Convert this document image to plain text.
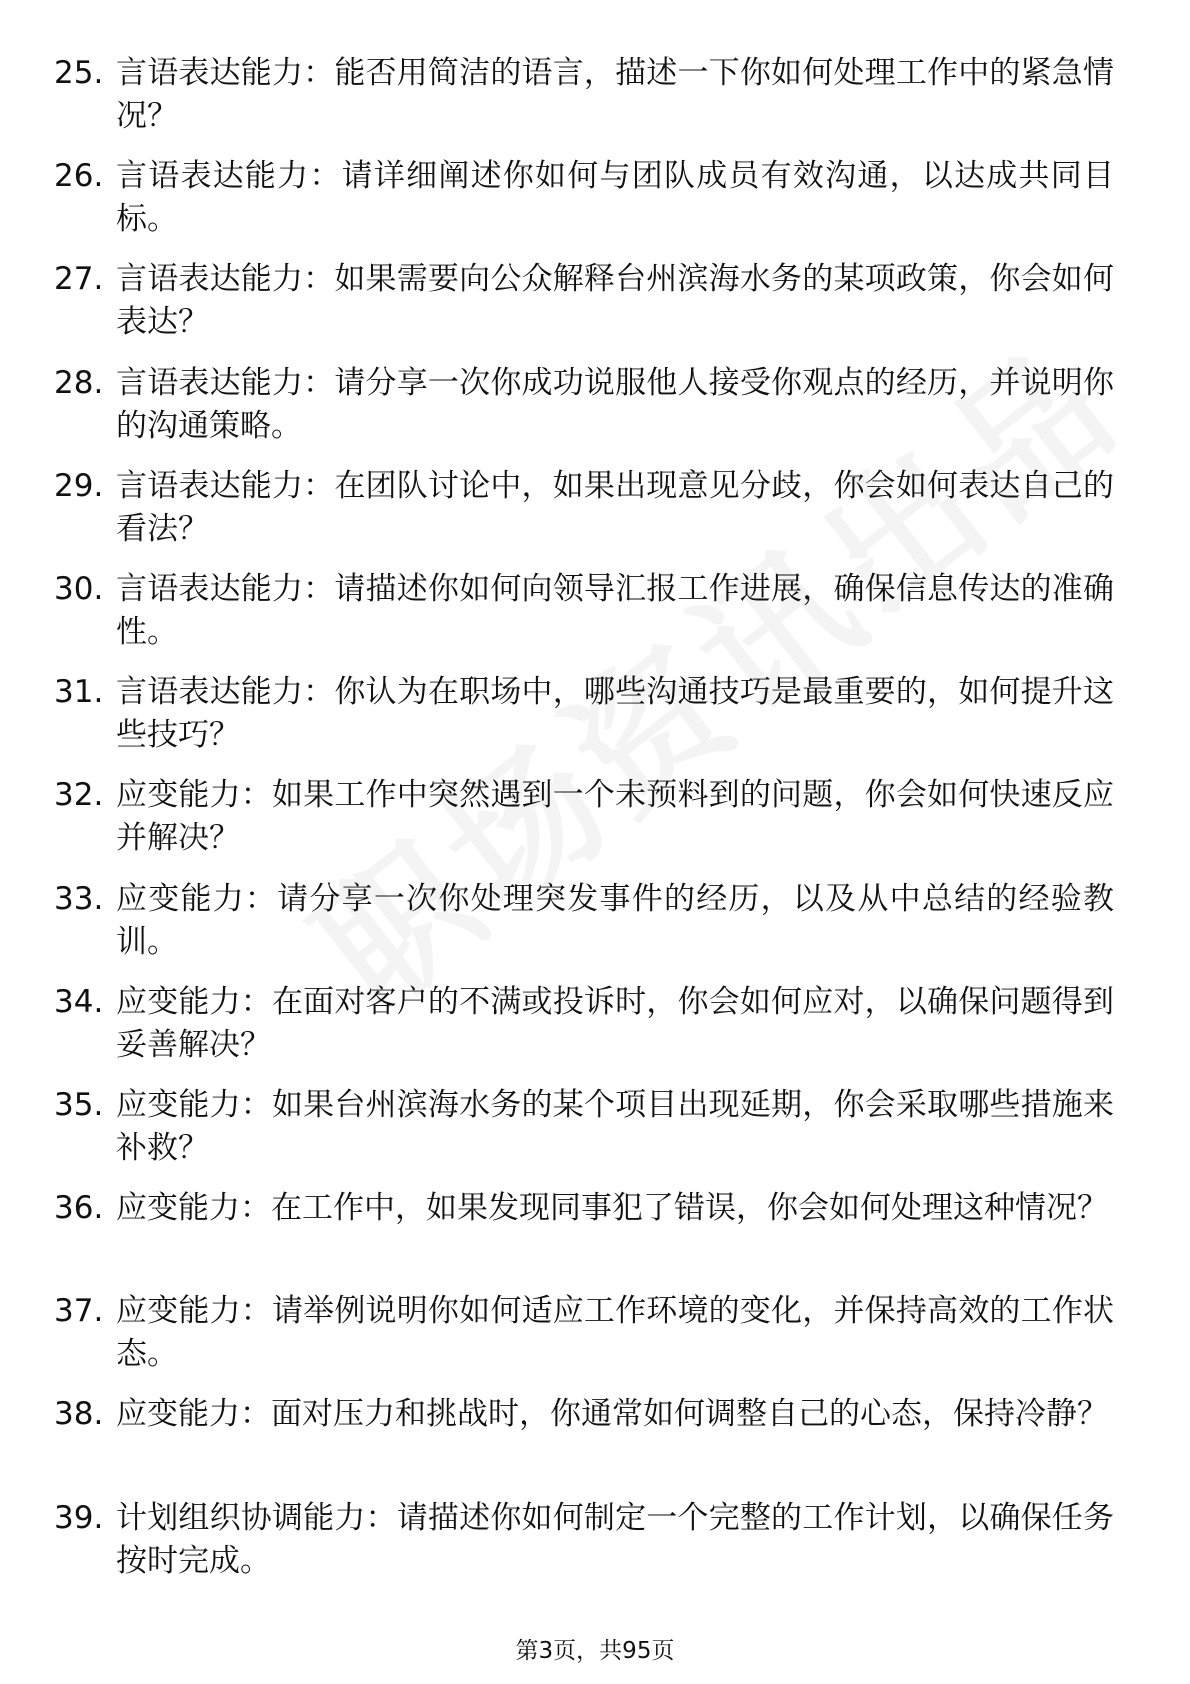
25. 言语表达能力：能否用简洁的语言，描述一下你如何处理工作中的紧急情况？
26. 言语表达能力：请详细阐述你如何与团队成员有效沟通，以达成共同目标。
27. 言语表达能力：如果需要向公众解释台州滨海水务的某项政策，你会如何表达？
28. 言语表达能力：请分享一次你成功说服他人接受你观点的经历，并说明你的沟通策略。
29. 言语表达能力：在团队讨论中，如果出现意见分歧，你会如何表达自己的看法？
30. 言语表达能力：请描述你如何向领导汇报工作进展，确保信息传达的准确性。
31. 言语表达能力：你认为在职场中，哪些沟通技巧是最重要的，如何提升这些技巧？
32. 应变能力：如果工作中突然遇到一个未预料到的问题，你会如何快速反应并解决？
33. 应变能力：请分享一次你处理突发事件的经历，以及从中总结的经验教训。
34. 应变能力：在面对客户的不满或投诉时，你会如何应对，以确保问题得到妥善解决？
35. 应变能力：如果台州滨海水务的某个项目出现延期，你会采取哪些措施来补救？
36. 应变能力：在工作中，如果发现同事犯了错误，你会如何处理这种情况？
37. 应变能力：请举例说明你如何适应工作环境的变化，并保持高效的工作状态。
38. 应变能力：面对压力和挑战时，你通常如何调整自己的心态，保持冷静？
39. 计划组织协调能力：请描述你如何制定一个完整的工作计划，以确保任务按时完成。
第3页，共95页
